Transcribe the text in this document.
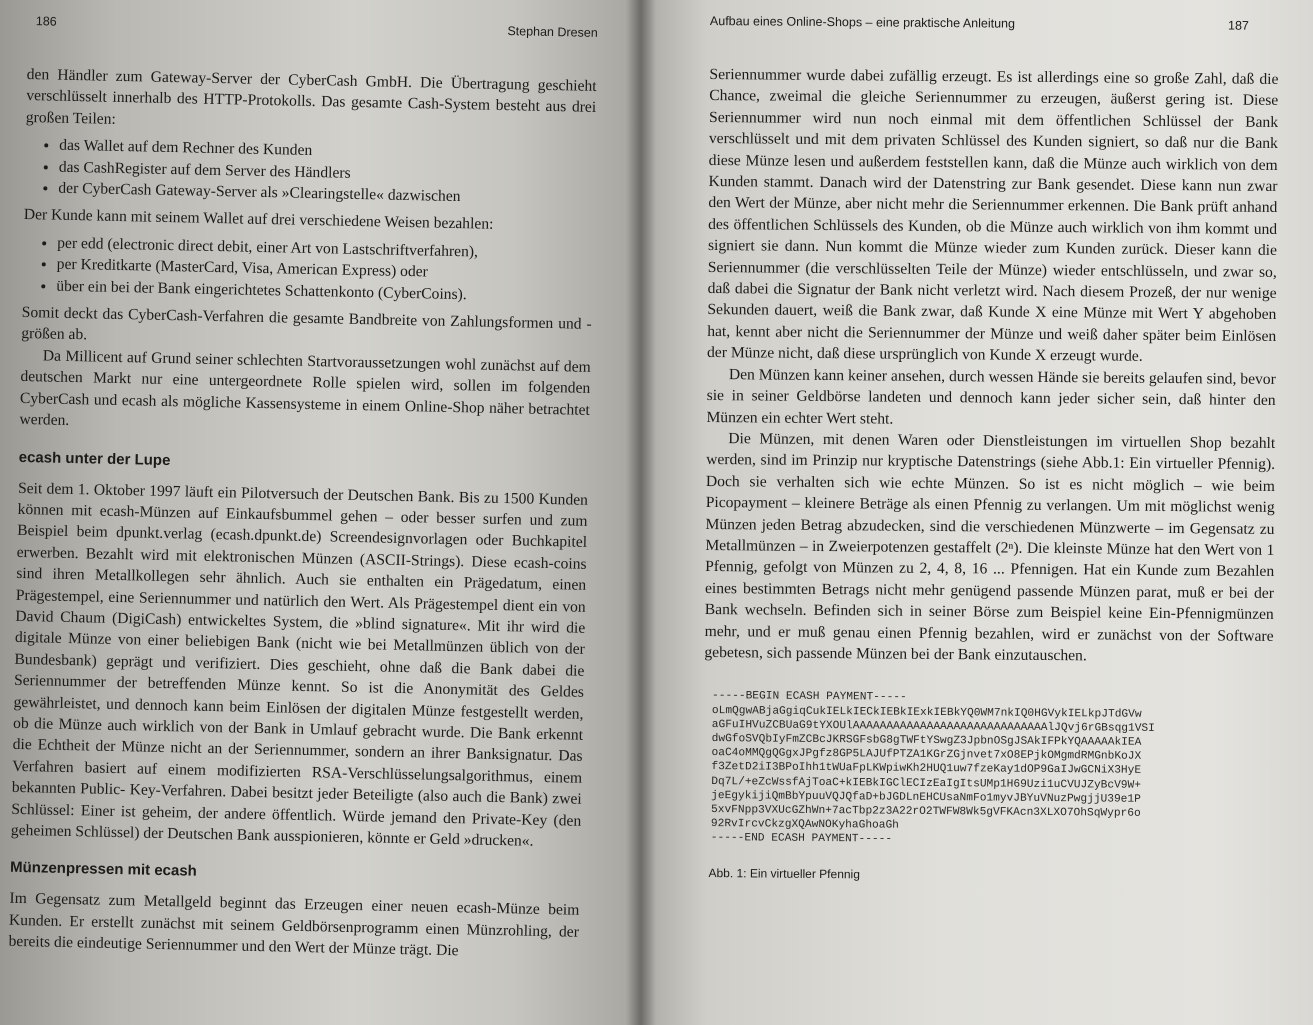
186
Stephan Dresen

den Händler zum Gateway-Server der CyberCash GmbH. Die Übertragung geschieht verschlüsselt innerhalb des HTTP-Protokolls. Das gesamte Cash-System besteht aus drei großen Teilen:

• das Wallet auf dem Rechner des Kunden
• das CashRegister auf dem Server des Händlers
• der CyberCash Gateway-Server als »Clearingstelle« dazwischen

Der Kunde kann mit seinem Wallet auf drei verschiedene Weisen bezahlen:

• per edd (electronic direct debit, einer Art von Lastschriftverfahren),
• per Kreditkarte (MasterCard, Visa, American Express) oder
• über ein bei der Bank eingerichtetes Schattenkonto (CyberCoins).

Somit deckt das CyberCash-Verfahren die gesamte Bandbreite von Zahlungsformen und -größen ab.

Da Millicent auf Grund seiner schlechten Startvoraussetzungen wohl zunächst auf dem deutschen Markt nur eine untergeordnete Rolle spielen wird, sollen im folgenden CyberCash und ecash als mögliche Kassensysteme in einem Online-Shop näher betrachtet werden.

ecash unter der Lupe

Seit dem 1. Oktober 1997 läuft ein Pilotversuch der Deutschen Bank. Bis zu 1500 Kunden können mit ecash-Münzen auf Einkaufsbummel gehen – oder besser surfen und zum Beispiel beim dpunkt.verlag (ecash.dpunkt.de) Screendesignvorlagen oder Buchkapitel erwerben. Bezahlt wird mit elektronischen Münzen (ASCII-Strings). Diese ecash-coins sind ihren Metallkollegen sehr ähnlich. Auch sie enthalten ein Prägedatum, einen Prägestempel, eine Seriennummer und natürlich den Wert. Als Prägestempel dient ein von David Chaum (DigiCash) entwickeltes System, die »blind signature«. Mit ihr wird die digitale Münze von einer beliebigen Bank (nicht wie bei Metallmünzen üblich von der Bundesbank) geprägt und verifiziert. Dies geschieht, ohne daß die Bank dabei die Seriennummer der betreffenden Münze kennt. So ist die Anonymität des Geldes gewährleistet, und dennoch kann beim Einlösen der digitalen Münze festgestellt werden, ob die Münze auch wirklich von der Bank in Umlauf gebracht wurde. Die Bank erkennt die Echtheit der Münze nicht an der Seriennummer, sondern an ihrer Banksignatur. Das Verfahren basiert auf einem modifizierten RSA-Verschlüsselungsalgorithmus, einem bekannten Public- Key-Verfahren. Dabei besitzt jeder Beteiligte (also auch die Bank) zwei Schlüssel: Einer ist geheim, der andere öffentlich. Würde jemand den Private-Key (den geheimen Schlüssel) der Deutschen Bank ausspionieren, könnte er Geld »drucken«.

Münzenpressen mit ecash

Im Gegensatz zum Metallgeld beginnt das Erzeugen einer neuen ecash-Münze beim Kunden. Er erstellt zunächst mit seinem Geldbörsenprogramm einen Münzrohling, der bereits die eindeutige Seriennummer und den Wert der Münze trägt. Die

Aufbau eines Online-Shops – eine praktische Anleitung	187

Seriennummer wurde dabei zufällig erzeugt. Es ist allerdings eine so große Zahl, daß die Chance, zweimal die gleiche Seriennummer zu erzeugen, äußerst gering ist. Diese Seriennummer wird nun noch einmal mit dem öffentlichen Schlüssel der Bank verschlüsselt und mit dem privaten Schlüssel des Kunden signiert, so daß nur die Bank diese Münze lesen und außerdem feststellen kann, daß die Münze auch wirklich von dem Kunden stammt. Danach wird der Datenstring zur Bank gesendet. Diese kann nun zwar den Wert der Münze, aber nicht mehr die Seriennummer erkennen. Die Bank prüft anhand des öffentlichen Schlüssels des Kunden, ob die Münze auch wirklich von ihm kommt und signiert sie dann. Nun kommt die Münze wieder zum Kunden zurück. Dieser kann die Seriennummer (die verschlüsselten Teile der Münze) wieder entschlüsseln, und zwar so, daß dabei die Signatur der Bank nicht verletzt wird. Nach diesem Prozeß, der nur wenige Sekunden dauert, weiß die Bank zwar, daß Kunde X eine Münze mit Wert Y abgehoben hat, kennt aber nicht die Seriennummer der Münze und weiß daher später beim Einlösen der Münze nicht, daß diese ursprünglich von Kunde X erzeugt wurde.

Den Münzen kann keiner ansehen, durch wessen Hände sie bereits gelaufen sind, bevor sie in seiner Geldbörse landeten und dennoch kann jeder sicher sein, daß hinter den Münzen ein echter Wert steht.

Die Münzen, mit denen Waren oder Dienstleistungen im virtuellen Shop bezahlt werden, sind im Prinzip nur kryptische Datenstrings (siehe Abb.1: Ein virtueller Pfennig). Doch sie verhalten sich wie echte Münzen. So ist es nicht möglich – wie beim Picopayment – kleinere Beträge als einen Pfennig zu verlangen. Um mit möglichst wenig Münzen jeden Betrag abzudecken, sind die verschiedenen Münzwerte – im Gegensatz zu Metallmünzen – in Zweierpotenzen gestaffelt (2ⁿ). Die kleinste Münze hat den Wert von 1 Pfennig, gefolgt von Münzen zu 2, 4, 8, 16 ... Pfennigen. Hat ein Kunde zum Bezahlen eines bestimmten Betrags nicht mehr genügend passende Münzen parat, muß er bei der Bank wechseln. Befinden sich in seiner Börse zum Beispiel keine Ein-Pfennigmünzen mehr, und er muß genau einen Pfennig bezahlen, wird er zunächst von der Software gebetesn, sich passende Münzen bei der Bank einzutauschen.

-----BEGIN ECASH PAYMENT-----
oLmQgwABjaGgiqCukIELkIECkIEBkIExkIEBkYQ0WM7nkIQ0HGVykIELkpJTdGVw
aGFuIHVuZCBUaG9tYXOUlAAAAAAAAAAAAAAAAAAAAAAAAAAAAAlJQvj6rGBsqg1VSI
dwGfoSVQbIyFmZCBcJKRSGFsbG8gTWFtYSwgZ3JpbnOSgJSAkIFPkYQAAAAAkIEA
oaC4oMMQgQGgxJPgfz8GP5LAJUfPTZA1KGrZGjnvet7xO8EPjkOMgmdRMGnbKoJX
f3ZetD2iI3BPoIhh1tWUaFpLKWpiwKh2HUQ1uw7fzeKay1dOP9GaIJwGCNiX3HyE
Dq7L/+eZcWssfAjToaC+kIEBkIGClECIzEaIgItsUMp1H69Uzi1uCVUJZyBcV9W+
jeEgykijiQmBbYpuuVQJQfaD+bJGDLnEHCUsaNmFo1myvJBYuVNuzPwgjjU39e1P
5xvFNpp3VXUcGZhWn+7acTbp2z3A22rO2TWFW8Wk5gVFKAcn3XLXO7OhSqWypr6o
92RvIrcvCkzgXQAwNOKyhaGhoaGh
-----END ECASH PAYMENT-----
Abb. 1: Ein virtueller Pfennig
